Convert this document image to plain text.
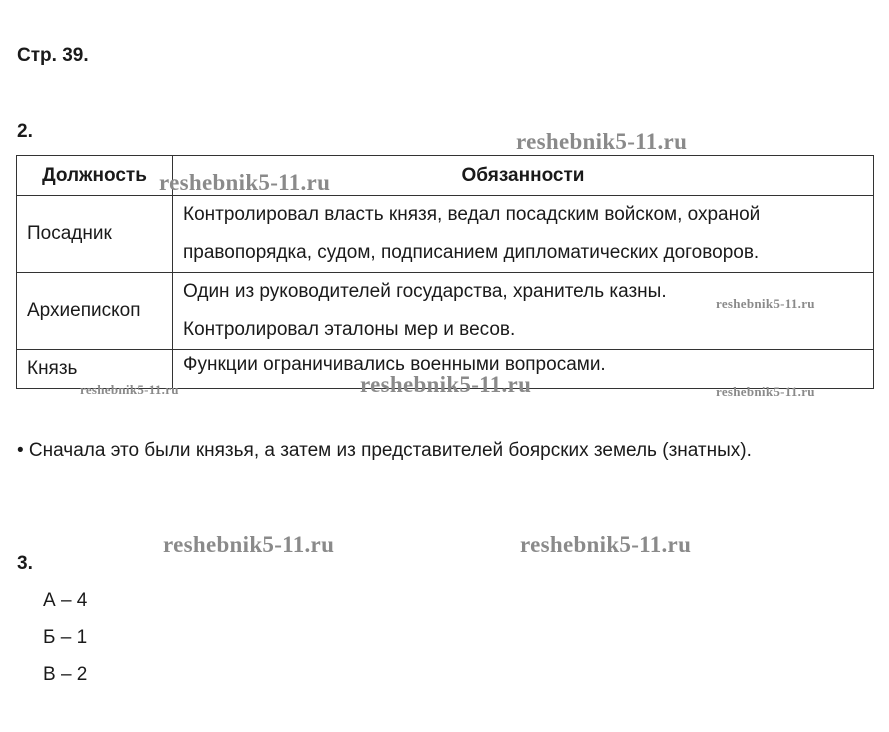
Стр. 39.
2.
Должность	Обязанности
Посадник	Контролировал власть князя, ведал посадским войском, охраной
правопорядка, судом, подписанием дипломатических договоров.

Архиепископ	Один из руководителей государства, хранитель казны.
Контролировал эталоны мер и весов.

Князь	Функции ограничивались военными вопросами.
• Сначала это были князья, а затем из представителей боярских земель (знатных).
3.
А – 4
Б – 1
В – 2
reshebnik5-11.ru
reshebnik5-11.ru
reshebnik5-11.ru
reshebnik5-11.ru	reshebnik5-11.ru	reshebnik5-11.ru
reshebnik5-11.ru	reshebnik5-11.ru
